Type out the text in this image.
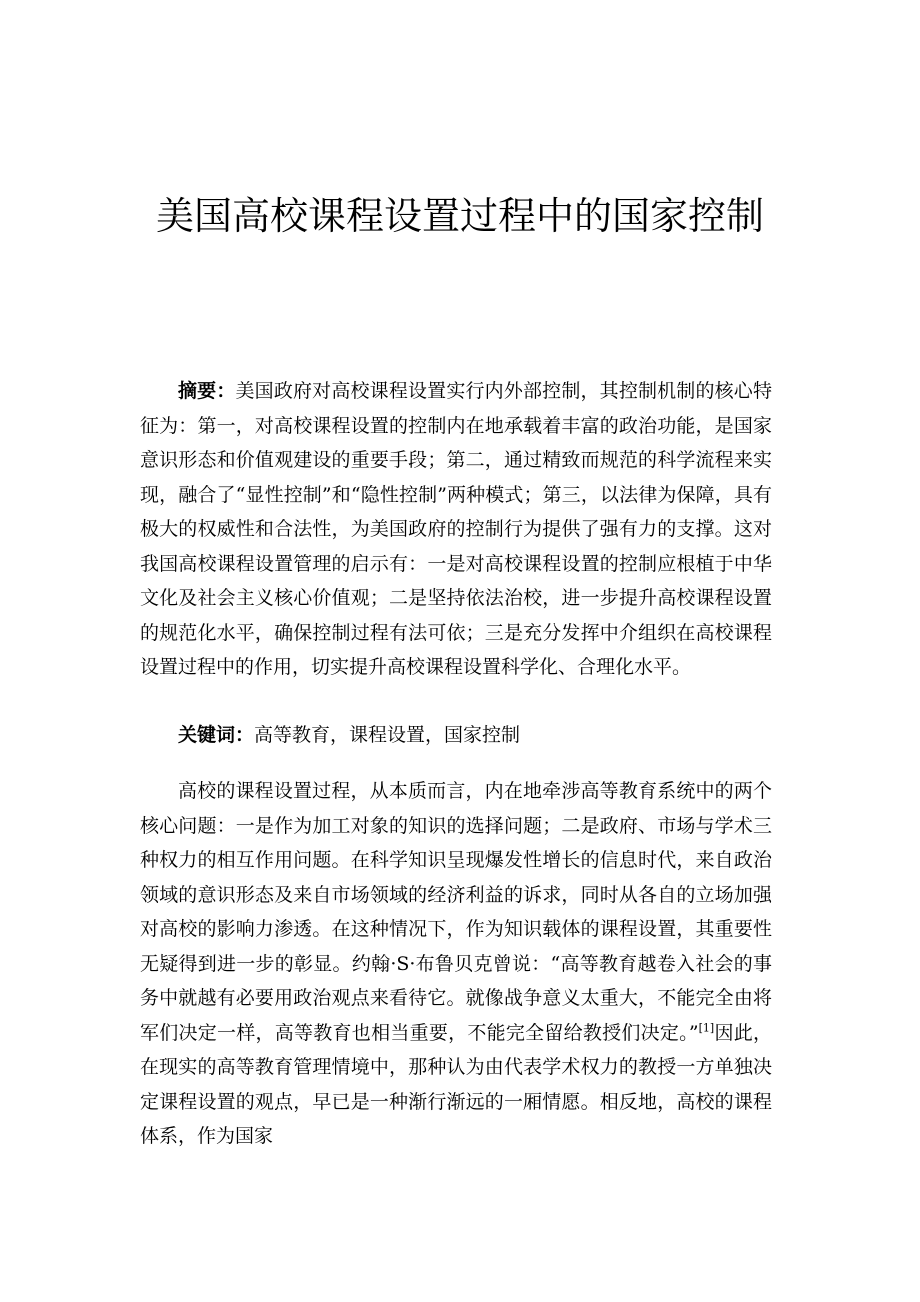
美国高校课程设置过程中的国家控制

摘要：美国政府对高校课程设置实行内外部控制，其控制机制的核心特征为：第一，对高校课程设置的控制内在地承载着丰富的政治功能，是国家意识形态和价值观建设的重要手段；第二，通过精致而规范的科学流程来实现，融合了“显性控制”和“隐性控制”两种模式；第三，以法律为保障，具有极大的权威性和合法性，为美国政府的控制行为提供了强有力的支撑。这对我国高校课程设置管理的启示有：一是对高校课程设置的控制应根植于中华文化及社会主义核心价值观；二是坚持依法治校，进一步提升高校课程设置的规范化水平，确保控制过程有法可依；三是充分发挥中介组织在高校课程设置过程中的作用，切实提升高校课程设置科学化、合理化水平。

关键词：高等教育，课程设置，国家控制

高校的课程设置过程，从本质而言，内在地牵涉高等教育系统中的两个核心问题：一是作为加工对象的知识的选择问题；二是政府、市场与学术三种权力的相互作用问题。在科学知识呈现爆发性增长的信息时代，来自政治领域的意识形态及来自市场领域的经济利益的诉求，同时从各自的立场加强对高校的影响力渗透。在这种情况下，作为知识载体的课程设置，其重要性无疑得到进一步的彰显。约翰·S·布鲁贝克曾说：“高等教育越卷入社会的事务中就越有必要用政治观点来看待它。就像战争意义太重大，不能完全由将军们决定一样，高等教育也相当重要，不能完全留给教授们决定。”[1]因此，在现实的高等教育管理情境中，那种认为由代表学术权力的教授一方单独决定课程设置的观点，早已是一种渐行渐远的一厢情愿。相反地，高校的课程体系，作为国家
